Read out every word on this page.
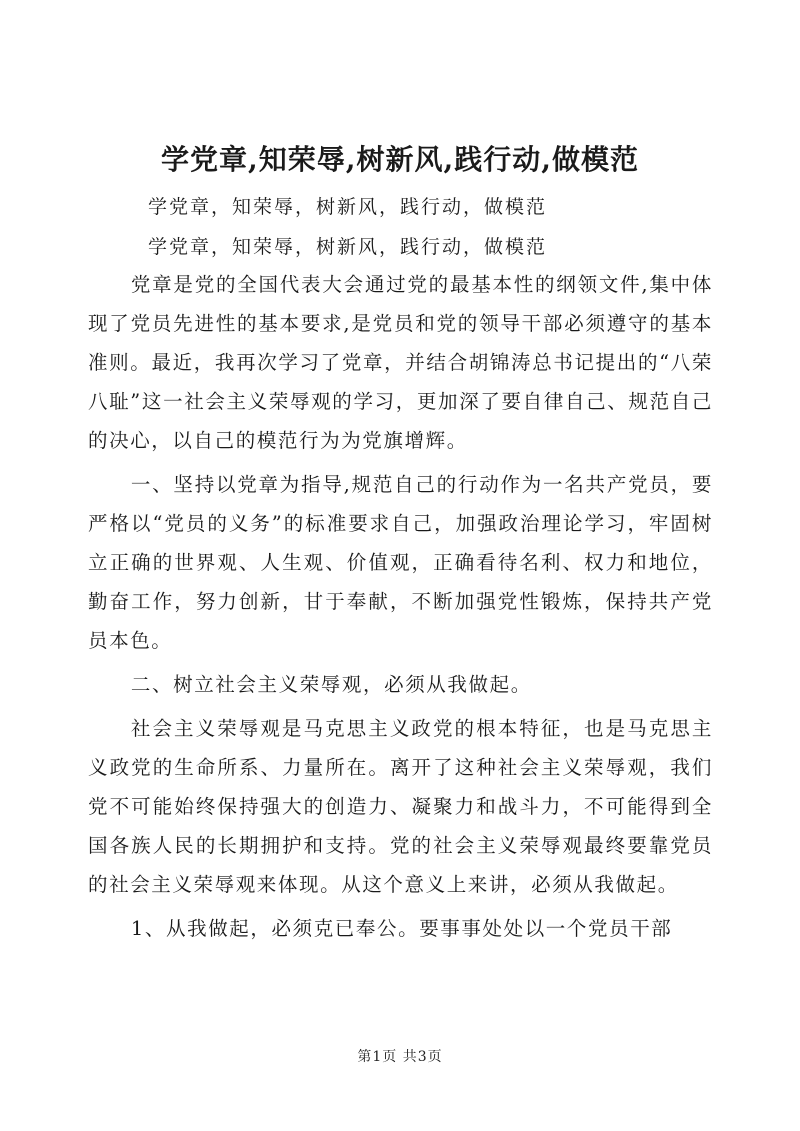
学党章,知荣辱,树新风,践行动,做模范
学党章，知荣辱，树新风，践行动，做模范
学党章，知荣辱，树新风，践行动，做模范

党章是党的全国代表大会通过党的最基本性的纲领文件,集中体现了党员先进性的基本要求,是党员和党的领导干部必须遵守的基本准则。最近，我再次学习了党章，并结合胡锦涛总书记提出的“八荣八耻”这一社会主义荣辱观的学习，更加深了要自律自己、规范自己的决心，以自己的模范行为为党旗增辉。

一、坚持以党章为指导,规范自己的行动作为一名共产党员，要严格以“党员的义务”的标准要求自己，加强政治理论学习，牢固树立正确的世界观、人生观、价值观，正确看待名利、权力和地位，勤奋工作，努力创新，甘于奉献，不断加强党性锻炼，保持共产党员本色。

二、树立社会主义荣辱观，必须从我做起。

社会主义荣辱观是马克思主义政党的根本特征，也是马克思主义政党的生命所系、力量所在。离开了这种社会主义荣辱观，我们党不可能始终保持强大的创造力、凝聚力和战斗力，不可能得到全国各族人民的长期拥护和支持。党的社会主义荣辱观最终要靠党员的社会主义荣辱观来体现。从这个意义上来讲，必须从我做起。

1、从我做起，必须克已奉公。要事事处处以一个党员干部

第1页 共3页
